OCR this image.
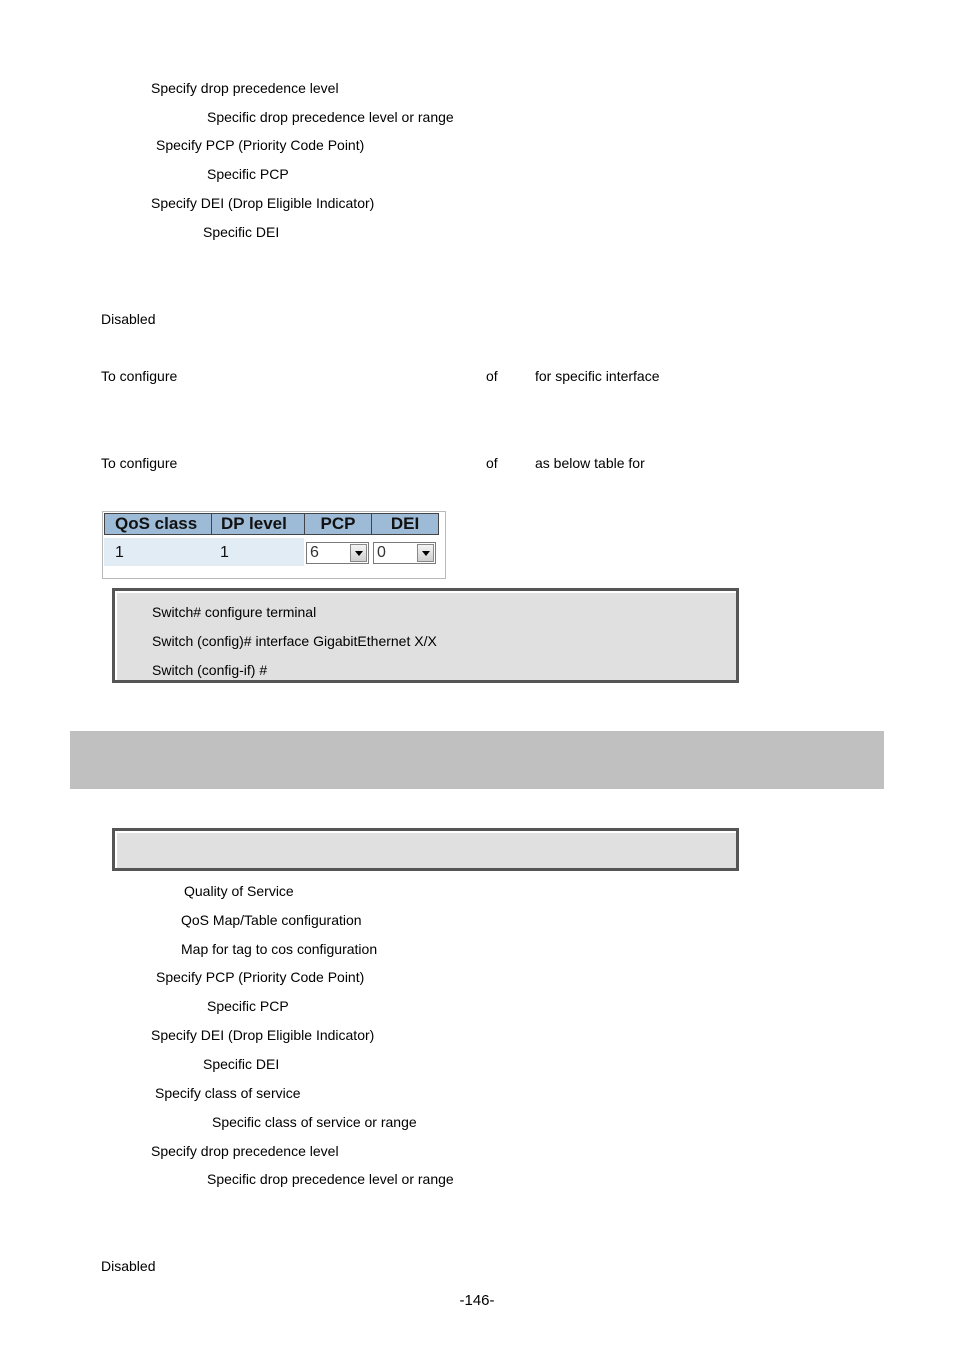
Specify drop precedence level
Specific drop precedence level or range
Specify PCP (Priority Code Point)
Specific PCP
Specify DEI (Drop Eligible Indicator)
Specific DEI
Disabled
To configure	of	for specific interface
To configure	of	as below table for
QoS class	DP level	PCP	DEI
1	1	6	0
Switch# configure terminal
Switch (config)# interface GigabitEthernet X/X
Switch (config-if) #
Quality of Service
QoS Map/Table configuration
Map for tag to cos configuration
Specify PCP (Priority Code Point)
Specific PCP
Specify DEI (Drop Eligible Indicator)
Specific DEI
Specify class of service
Specific class of service or range
Specify drop precedence level
Specific drop precedence level or range
Disabled
-146-
